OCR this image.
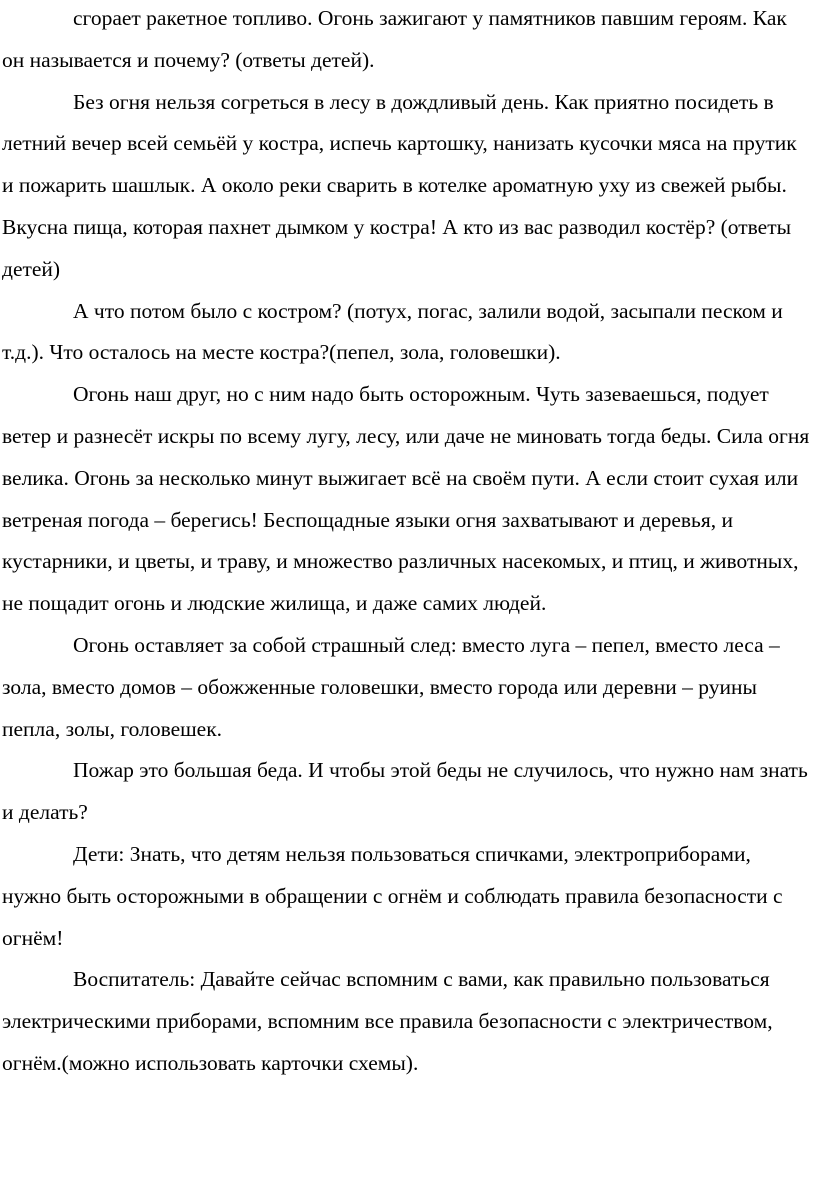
сгорает ракетное топливо. Огонь зажигают у памятников павшим героям. Как он называется и почему? (ответы детей).

Без огня нельзя согреться в лесу в дождливый день. Как приятно посидеть в летний вечер всей семьёй у костра, испечь картошку, нанизать кусочки мяса на прутик и пожарить шашлык. А около реки сварить в котелке ароматную уху из свежей рыбы. Вкусна пища, которая пахнет дымком у костра! А кто из вас разводил костёр? (ответы детей)

А что потом было с костром? (потух, погас, залили водой, засыпали песком и т.д.). Что осталось на месте костра?(пепел, зола, головешки).

Огонь наш друг, но с ним надо быть осторожным. Чуть зазеваешься, подует ветер и разнесёт искры по всему лугу, лесу, или даче не миновать тогда беды. Сила огня велика. Огонь за несколько минут выжигает всё на своём пути. А если стоит сухая или ветреная погода – берегись! Беспощадные языки огня захватывают и деревья, и кустарники, и цветы, и траву, и множество различных насекомых, и птиц, и животных, не пощадит огонь и людские жилища, и даже самих людей.

Огонь оставляет за собой страшный след: вместо луга – пепел, вместо леса – зола, вместо домов – обожженные головешки, вместо города или деревни – руины пепла, золы, головешек.

Пожар это большая беда. И чтобы этой беды не случилось, что нужно нам знать и делать?

Дети: Знать, что детям нельзя пользоваться спичками, электроприборами, нужно быть осторожными в обращении с огнём и соблюдать правила безопасности с огнём!

Воспитатель: Давайте сейчас вспомним с вами, как правильно пользоваться электрическими приборами, вспомним все правила безопасности с электричеством, огнём.(можно использовать карточки схемы).
